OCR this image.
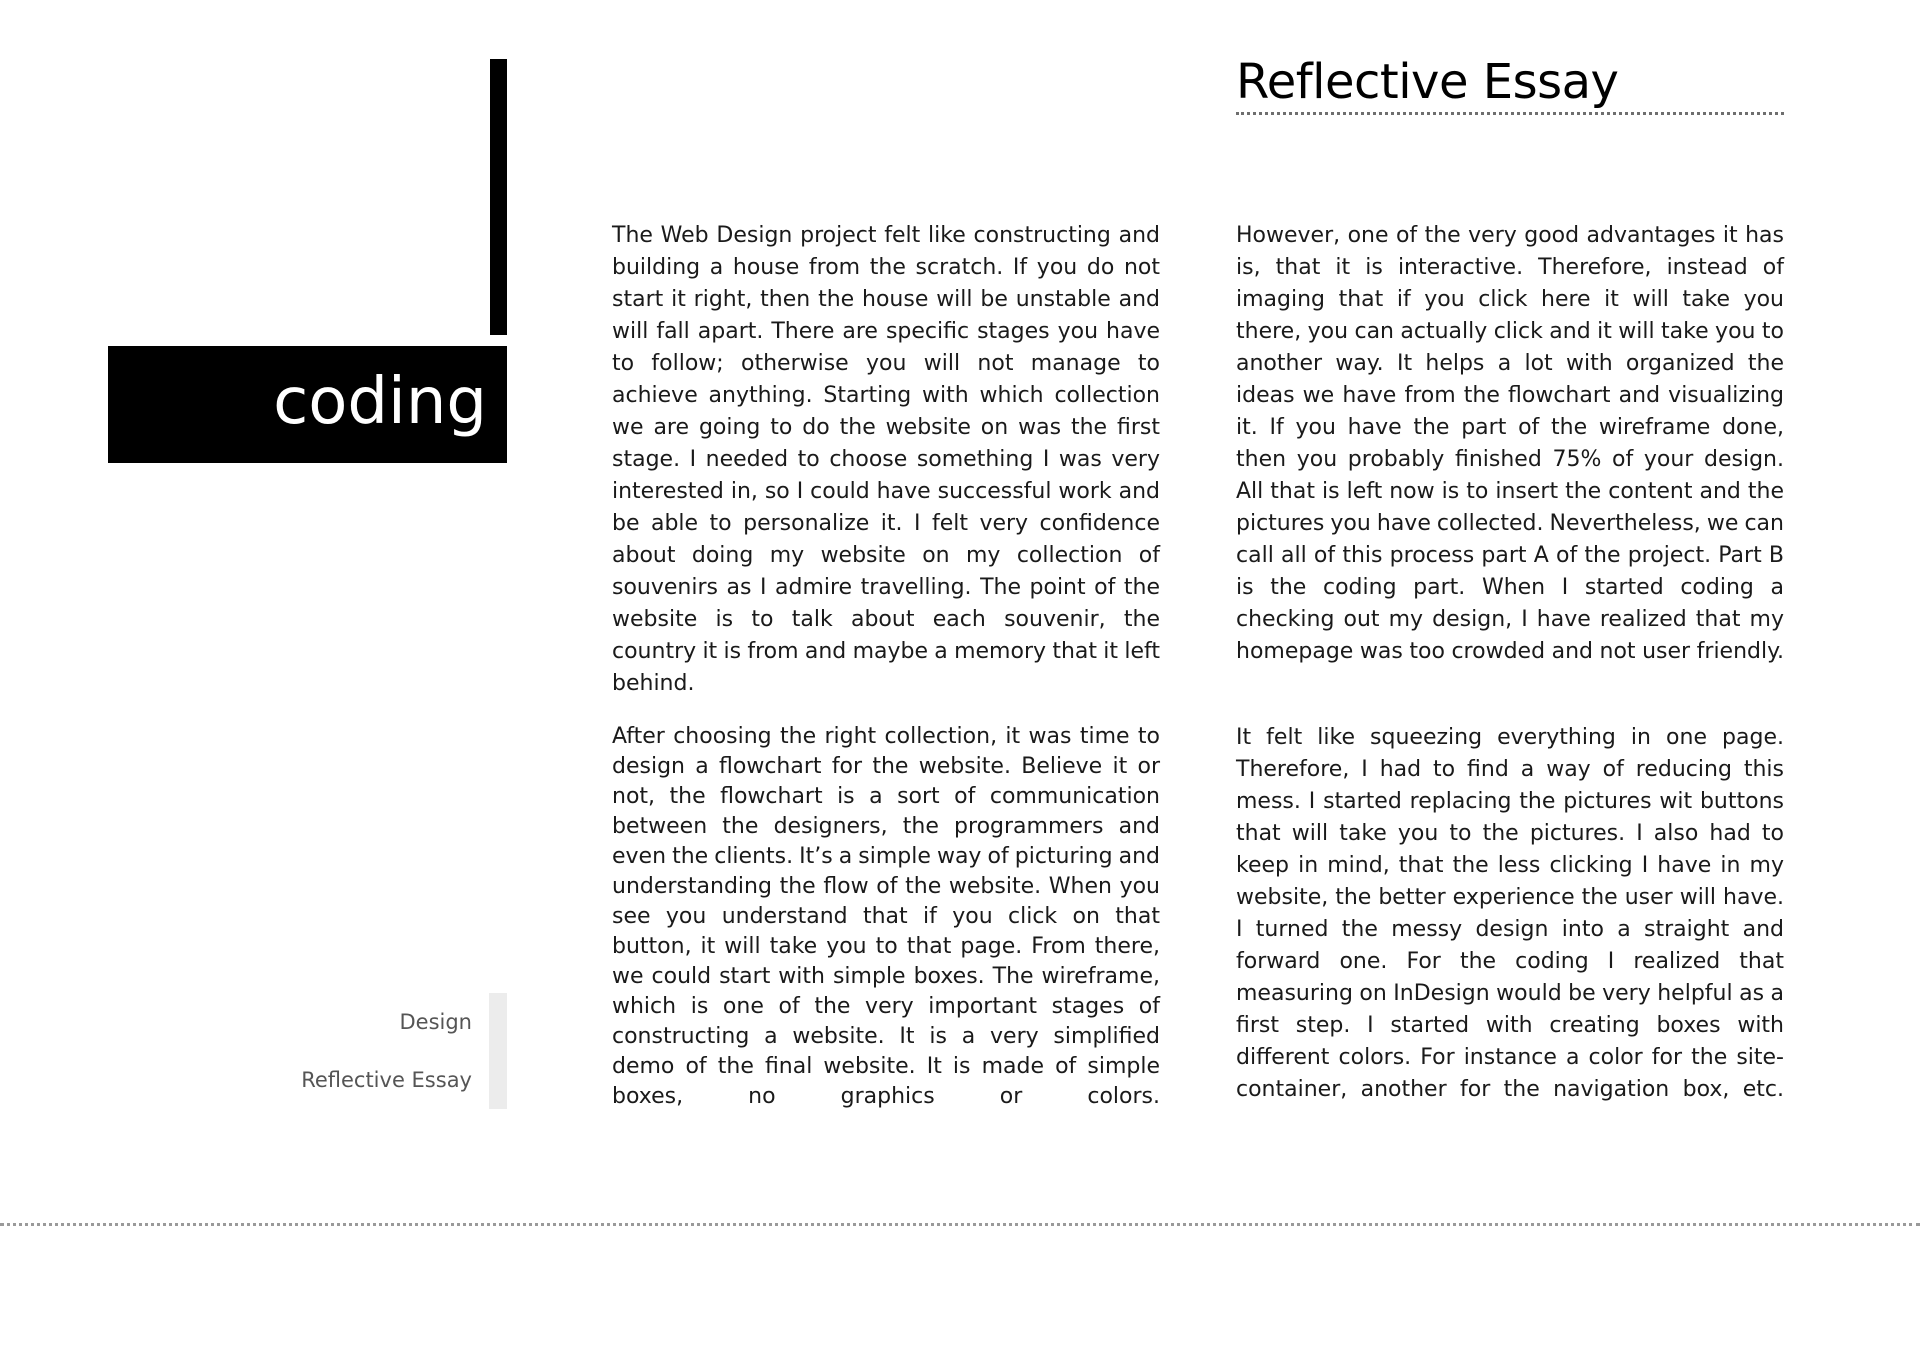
coding
Reflective Essay

The Web Design project felt like constructing and building a house from the scratch. If you do not start it right, then the house will be unstable and will fall apart. There are specific stages you have to follow; otherwise you will not manage to achieve anything. Starting with which collection we are going to do the website on was the first stage. I needed to choose something I was very interested in, so I could have successful work and be able to personalize it. I felt very confidence about doing my website on my collection of souvenirs as I admire travelling. The point of the website is to talk about each souvenir, the country it is from and maybe a memory that it left behind.

However, one of the very good advantages it has is, that it is interactive. Therefore, instead of imaging that if you click here it will take you there, you can actually click and it will take you to another way. It helps a lot with organized the ideas we have from the flowchart and visualizing it. If you have the part of the wireframe done, then you probably finished 75% of your design. All that is left now is to insert the content and the pictures you have collected. Nevertheless, we can call all of this process part A of the project. Part B is the coding part. When I started coding a checking out my design, I have realized that my homepage was too crowded and not user friendly.

After choosing the right collection, it was time to design a flowchart for the website. Believe it or not, the flowchart is a sort of communication between the designers, the programmers and even the clients. It’s a simple way of picturing and understanding the flow of the website. When you see you understand that if you click on that button, it will take you to that page. From there, we could start with simple boxes. The wireframe, which is one of the very important stages of constructing a website. It is a very simplified demo of the final website. It is made of simple boxes, no graphics or colors.

It felt like squeezing everything in one page. Therefore, I had to find a way of reducing this mess. I started replacing the pictures wit buttons that will take you to the pictures. I also had to keep in mind, that the less clicking I have in my website, the better experience the user will have. I turned the messy design into a straight and forward one. For the coding I realized that measuring on InDesign would be very helpful as a first step. I started with creating boxes with different colors. For instance a color for the site-container, another for the navigation box, etc.

Design
Reflective Essay
